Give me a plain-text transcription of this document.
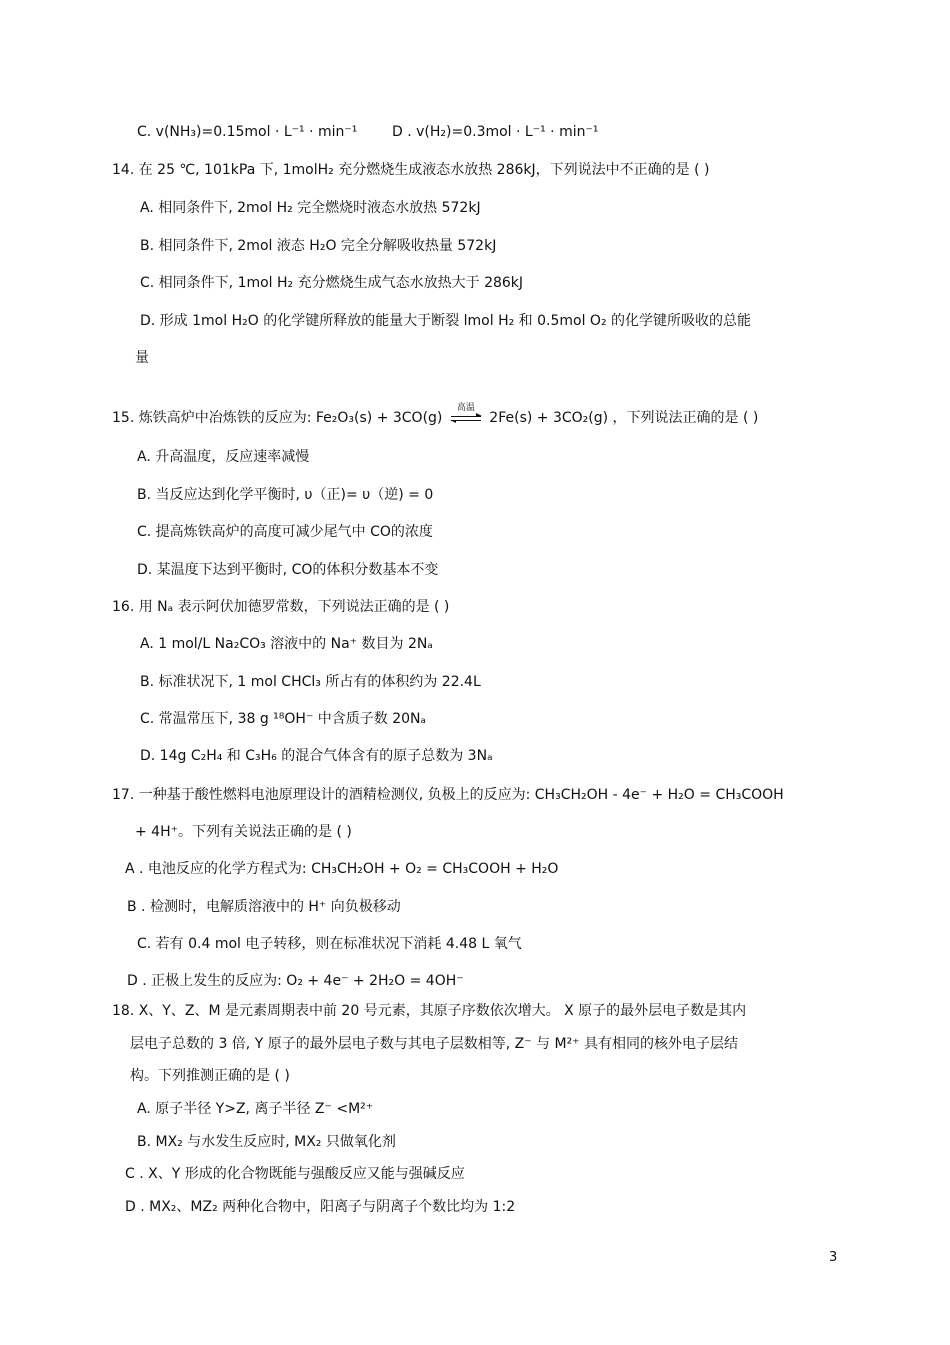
C. v(NH₃)=0.15mol · L⁻¹ · min⁻¹ D . v(H₂)=0.3mol · L⁻¹ · min⁻¹
14. 在 25 ℃, 101kPa 下, 1molH₂ 充分燃烧生成液态水放热 286kJ，下列说法中不正确的是 ( )
A. 相同条件下, 2mol H₂ 完全燃烧时液态水放热 572kJ
B. 相同条件下, 2mol 液态 H₂O 完全分解吸收热量 572kJ
C. 相同条件下, 1mol H₂ 充分燃烧生成气态水放热大于 286kJ
D. 形成 1mol H₂O 的化学键所释放的能量大于断裂 lmol H₂ 和 0.5mol O₂ 的化学键所吸收的总能
量
15. 炼铁高炉中冶炼铁的反应为: Fe₂O₃(s) + 3CO(g)
高温
2Fe(s) + 3CO₂(g) ，下列说法正确的是 ( )
A. 升高温度，反应速率减慢
B. 当反应达到化学平衡时, υ（正)= υ（逆) = 0
C. 提高炼铁高炉的高度可减少尾气中 CO的浓度
D. 某温度下达到平衡时, CO的体积分数基本不变
16. 用 Nₐ 表示阿伏加德罗常数，下列说法正确的是 ( )
A. 1 mol/L Na₂CO₃ 溶液中的 Na⁺ 数目为 2Nₐ
B. 标准状况下, 1 mol CHCl₃ 所占有的体积约为 22.4L
C. 常温常压下, 38 g ¹⁸OH⁻ 中含质子数 20Nₐ
D. 14g C₂H₄ 和 C₃H₆ 的混合气体含有的原子总数为 3Nₐ
17. 一种基于酸性燃料电池原理设计的酒精检测仪, 负极上的反应为: CH₃CH₂OH - 4e⁻ + H₂O = CH₃COOH
+ 4H⁺。下列有关说法正确的是 ( )
A . 电池反应的化学方程式为: CH₃CH₂OH + O₂ = CH₃COOH + H₂O
B . 检测时，电解质溶液中的 H⁺ 向负极移动
C. 若有 0.4 mol 电子转移，则在标准状况下消耗 4.48 L 氧气
D . 正极上发生的反应为: O₂ + 4e⁻ + 2H₂O = 4OH⁻
18. X、Y、Z、M 是元素周期表中前 20 号元素，其原子序数依次增大。 X 原子的最外层电子数是其内
层电子总数的 3 倍, Y 原子的最外层电子数与其电子层数相等, Z⁻ 与 M²⁺ 具有相同的核外电子层结
构。下列推测正确的是 ( )
A. 原子半径 Y>Z, 离子半径 Z⁻ <M²⁺
B. MX₂ 与水发生反应时, MX₂ 只做氧化剂
C . X、Y 形成的化合物既能与强酸反应又能与强碱反应
D . MX₂、MZ₂ 两种化合物中，阳离子与阴离子个数比均为 1:2
3
